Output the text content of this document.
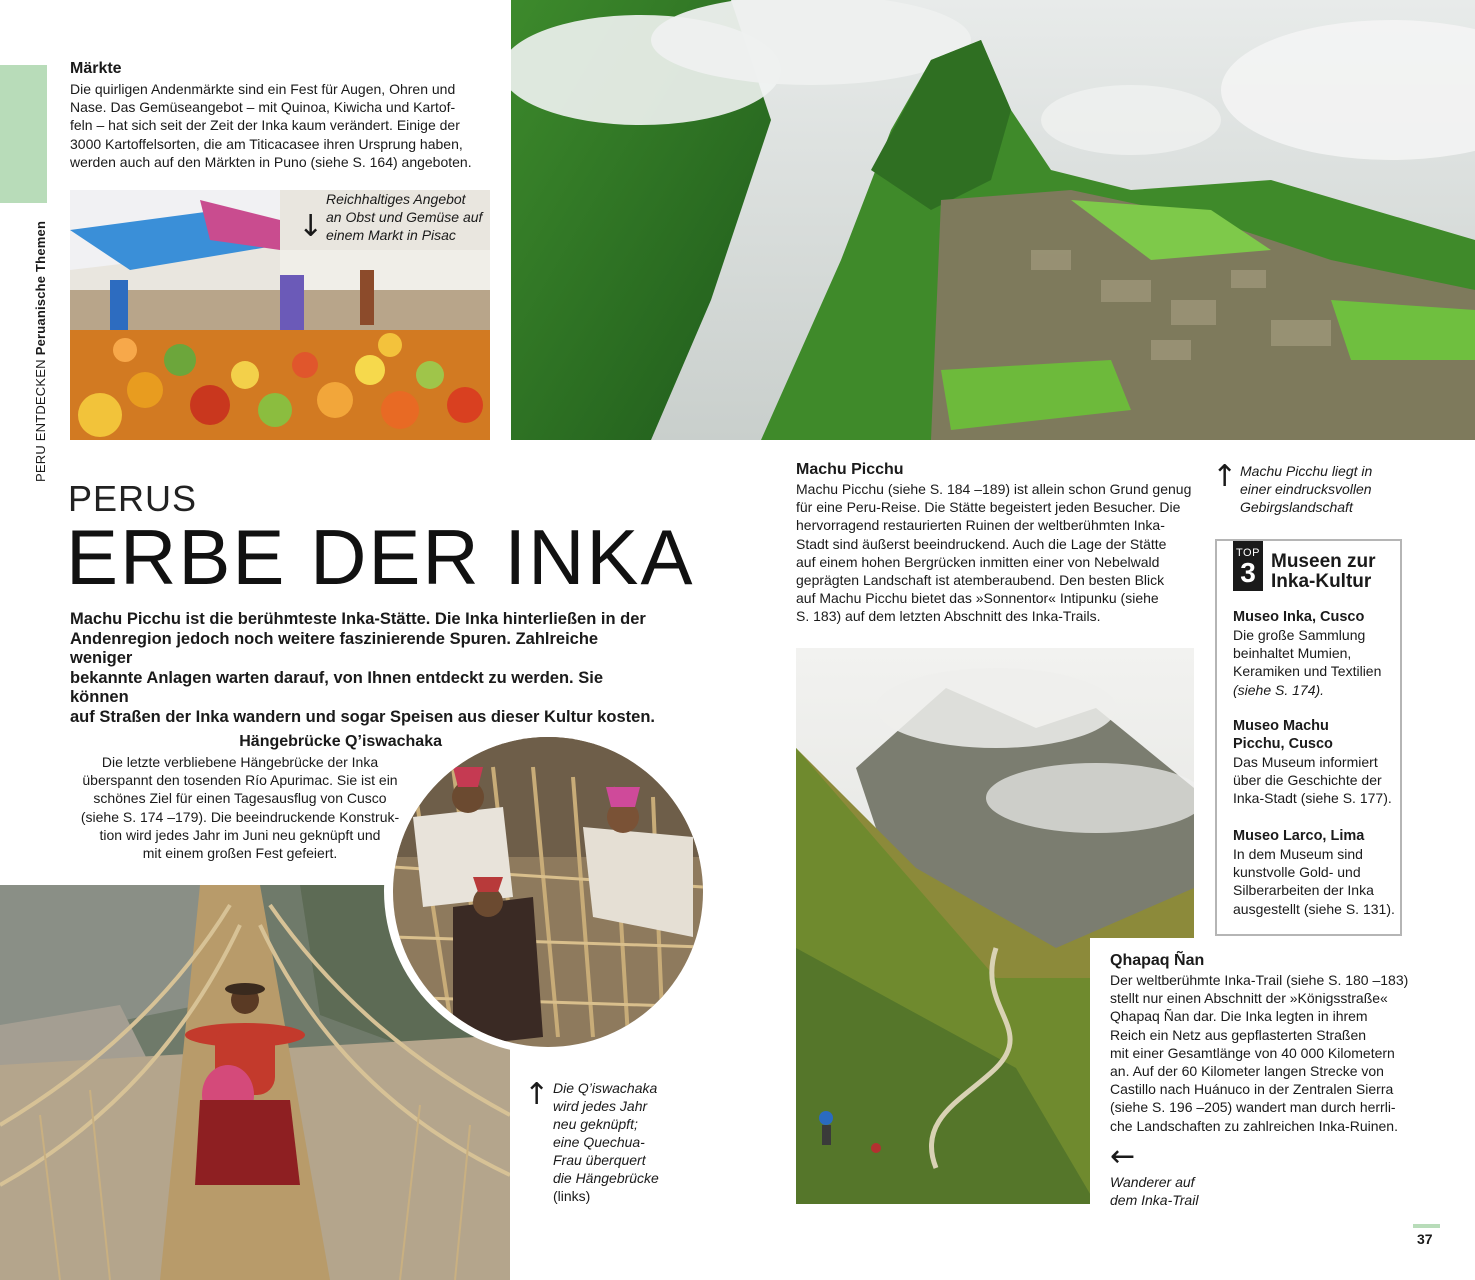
PERU ENTDECKENPeruanische Themen
Märkte
Die quirligen Andenmärkte sind ein Fest für Augen, Ohren und
Nase. Das Gemüseangebot – mit Quinoa, Kiwicha und Kartof-
feln – hat sich seit der Zeit der Inka kaum verändert. Einige der
3000 Kartoffelsorten, die am Titicacasee ihren Ursprung haben,
werden auch auf den Märkten in Puno (siehe S. 164) angeboten.
↓
Reichhaltiges Angebot
an Obst und Gemüse auf
einem Markt in Pisac
PERUS
ERBE DER INKA
Machu Picchu ist die berühmteste Inka-Stätte. Die Inka hinterließen in der
Andenregion jedoch noch weitere faszinierende Spuren. Zahlreiche weniger
bekannte Anlagen warten darauf, von Ihnen entdeckt zu werden. Sie können
auf Straßen der Inka wandern und sogar Speisen aus dieser Kultur kosten.
Machu Picchu
Machu Picchu (siehe S. 184 –189) ist allein schon Grund genug
für eine Peru-Reise. Die Stätte begeistert jeden Besucher. Die
hervorragend restaurierten Ruinen der weltberühmten Inka-
Stadt sind äußerst beeindruckend. Auch die Lage der Stätte
auf einem hohen Bergrücken inmitten einer von Nebelwald
geprägten Landschaft ist atemberaubend. Den besten Blick
auf Machu Picchu bietet das »Sonnentor« Intipunku (siehe
S. 183) auf dem letzten Abschnitt des Inka-Trails.
↑ Machu Picchu liegt in
einer eindrucksvollen
Gebirgslandschaft
TOP
3 Museen zur
Inka-Kultur
Museo Inka, Cusco
Die große Sammlung
beinhaltet Mumien,
Keramiken und Textilien
(siehe S. 174).
Museo Machu
Picchu, Cusco
Das Museum informiert
über die Geschichte der
Inka-Stadt (siehe S. 177).
Museo Larco, Lima
In dem Museum sind
kunstvolle Gold- und
Silberarbeiten der Inka
ausgestellt (siehe S. 131).
Hängebrücke Q’iswachaka
Die letzte verbliebene Hängebrücke der Inka
überspannt den tosenden Río Apurimac. Sie ist ein
schönes Ziel für einen Tagesausflug von Cusco
(siehe S. 174 –179). Die beeindruckende Konstruk-
tion wird jedes Jahr im Juni neu geknüpft und
mit einem großen Fest gefeiert.
↑ Die Q’iswachaka
wird jedes Jahr
neu geknüpft;
eine Quechua-
Frau überquert
die Hängebrücke
(links)
Qhapaq Ñan
Der weltberühmte Inka-Trail (siehe S. 180 –183)
stellt nur einen Abschnitt der »Königsstraße«
Qhapaq Ñan dar. Die Inka legten in ihrem
Reich ein Netz aus gepflasterten Straßen
mit einer Gesamtlänge von 40 000 Kilometern
an. Auf der 60 Kilometer langen Strecke von
Castillo nach Huánuco in der Zentralen Sierra
(siehe S. 196 –205) wandert man durch herrli-
che Landschaften zu zahlreichen Inka-Ruinen.
←
Wanderer auf
dem Inka-Trail
37
